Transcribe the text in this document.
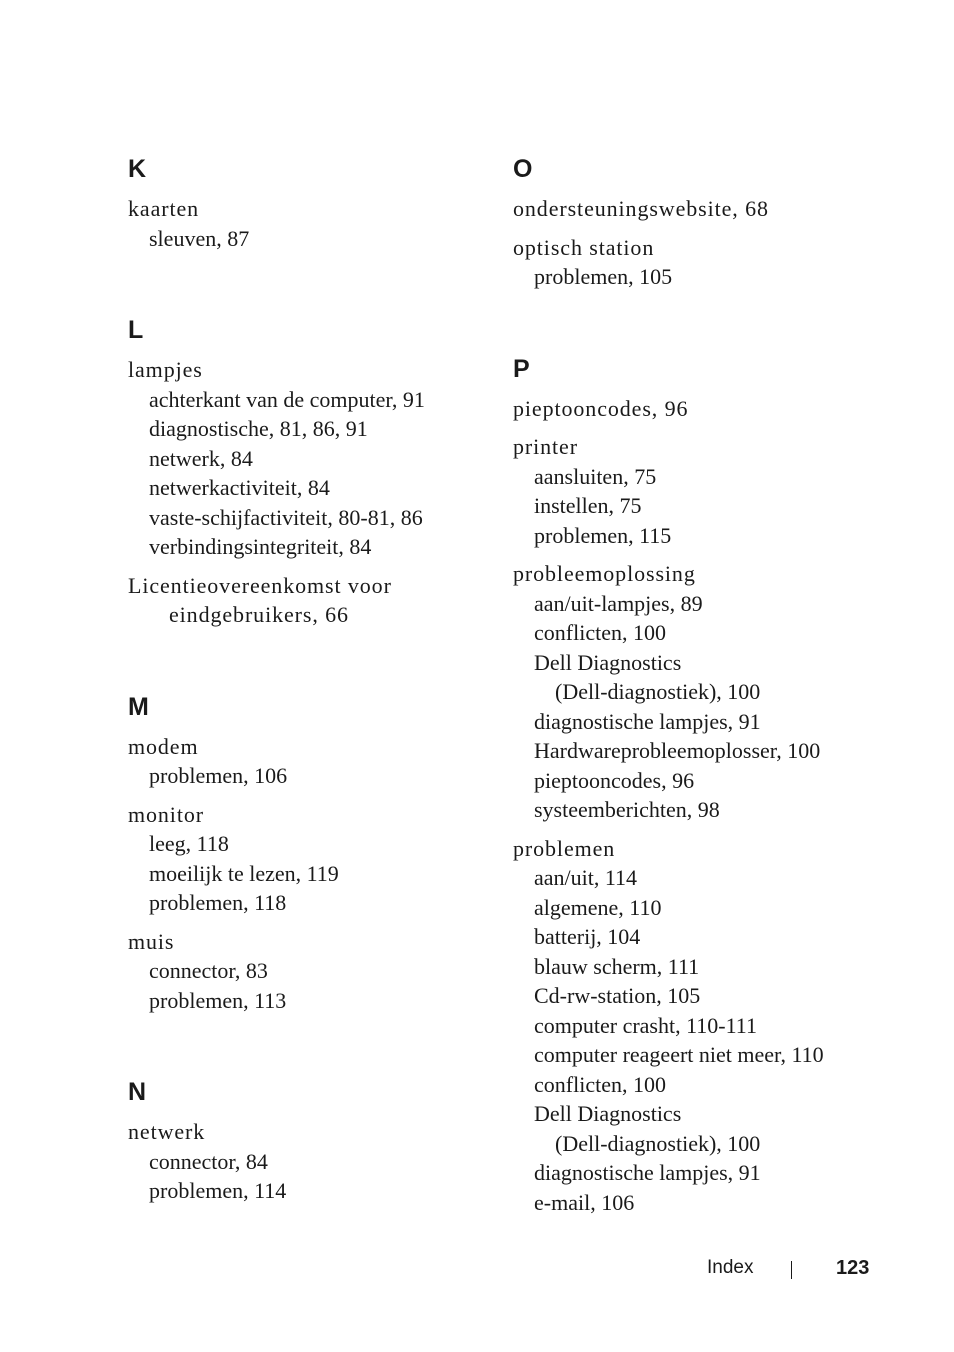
K
kaarten
sleuven, 87
L
lampjes
achterkant van de computer, 91
diagnostische, 81, 86, 91
netwerk, 84
netwerkactiviteit, 84
vaste-schijfactiviteit, 80-81, 86
verbindingsintegriteit, 84
Licentieovereenkomst voor
eindgebruikers, 66
M
modem
problemen, 106
monitor
leeg, 118
moeilijk te lezen, 119
problemen, 118
muis
connector, 83
problemen, 113
N
netwerk
connector, 84
problemen, 114
O
ondersteuningswebsite, 68
optisch station
problemen, 105
P
pieptooncodes, 96
printer
aansluiten, 75
instellen, 75
problemen, 115
probleemoplossing
aan/uit-lampjes, 89
conflicten, 100
Dell Diagnostics
(Dell-diagnostiek), 100
diagnostische lampjes, 91
Hardwareprobleemoplosser, 100
pieptooncodes, 96
systeemberichten, 98
problemen
aan/uit, 114
algemene, 110
batterij, 104
blauw scherm, 111
Cd-rw-station, 105
computer crasht, 110-111
computer reageert niet meer, 110
conflicten, 100
Dell Diagnostics
(Dell-diagnostiek), 100
diagnostische lampjes, 91
e-mail, 106
Index	123
